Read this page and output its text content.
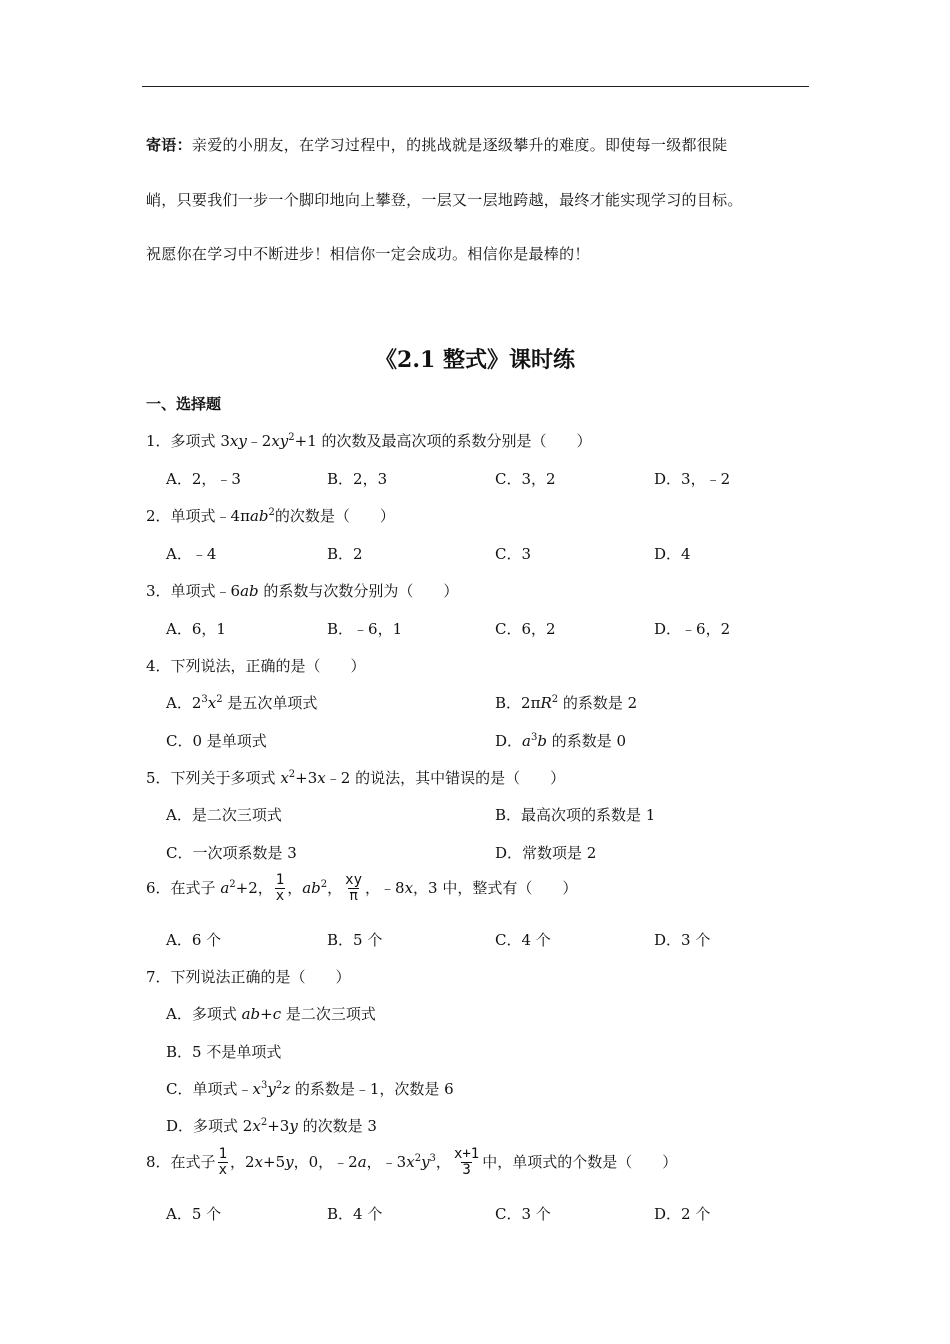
寄语：亲爱的小朋友，在学习过程中，的挑战就是逐级攀升的难度。即使每一级都很陡
峭，只要我们一步一个脚印地向上攀登，一层又一层地跨越，最终才能实现学习的目标。
祝愿你在学习中不断进步！相信你一定会成功。相信你是最棒的！
《2.1 整式》课时练
一、选择题
1．多项式 $3xy﹣2xy^2+1$ 的次数及最高次项的系数分别是（　　）
A．2，﹣3	B．2，3	C．3，2	D．3，﹣2
2．单项式﹣4πab$^2$的次数是（　　）
A．﹣4	B．2	C．3	D．4
3．单项式﹣6ab 的系数与次数分别为（　　）
A．6，1	B．﹣6，1	C．6，2	D．﹣6，2
4．下列说法，正确的是（　　）
A．$2^3x^2$ 是五次单项式	B．$2\pi R^2$ 的系数是 2
C．0 是单项式	D．$a^3b$ 的系数是 0
5．下列关于多项式 $x^2+3x﹣2$ 的说法，其中错误的是（　　）
A．是二次三项式	B．最高次项的系数是 1
C．一次项系数是 3	D．常数项是 2
6．在式子 $a^2+2$， $\frac{1}{x}$ ，$ab^2$， $\frac{xy}{\pi}$ ，﹣8x，3 中，整式有（　　）
A．6 个	B．5 个	C．4 个	D．3 个
7．下列说法正确的是（　　）
A．多项式 ab+c 是二次三项式
B．5 不是单项式
C．单项式$﹣x^3y^2z$ 的系数是﹣1，次数是 6
D．多项式 $2x^2+3y$ 的次数是 3
8．在式子 $\frac{1}{x}$ ，2x+5y，0，﹣2a，$﹣3x^2y^3$， $\frac{x+1}{3}$ 中，单项式的个数是（　　）
A．5 个	B．4 个	C．3 个	D．2 个
